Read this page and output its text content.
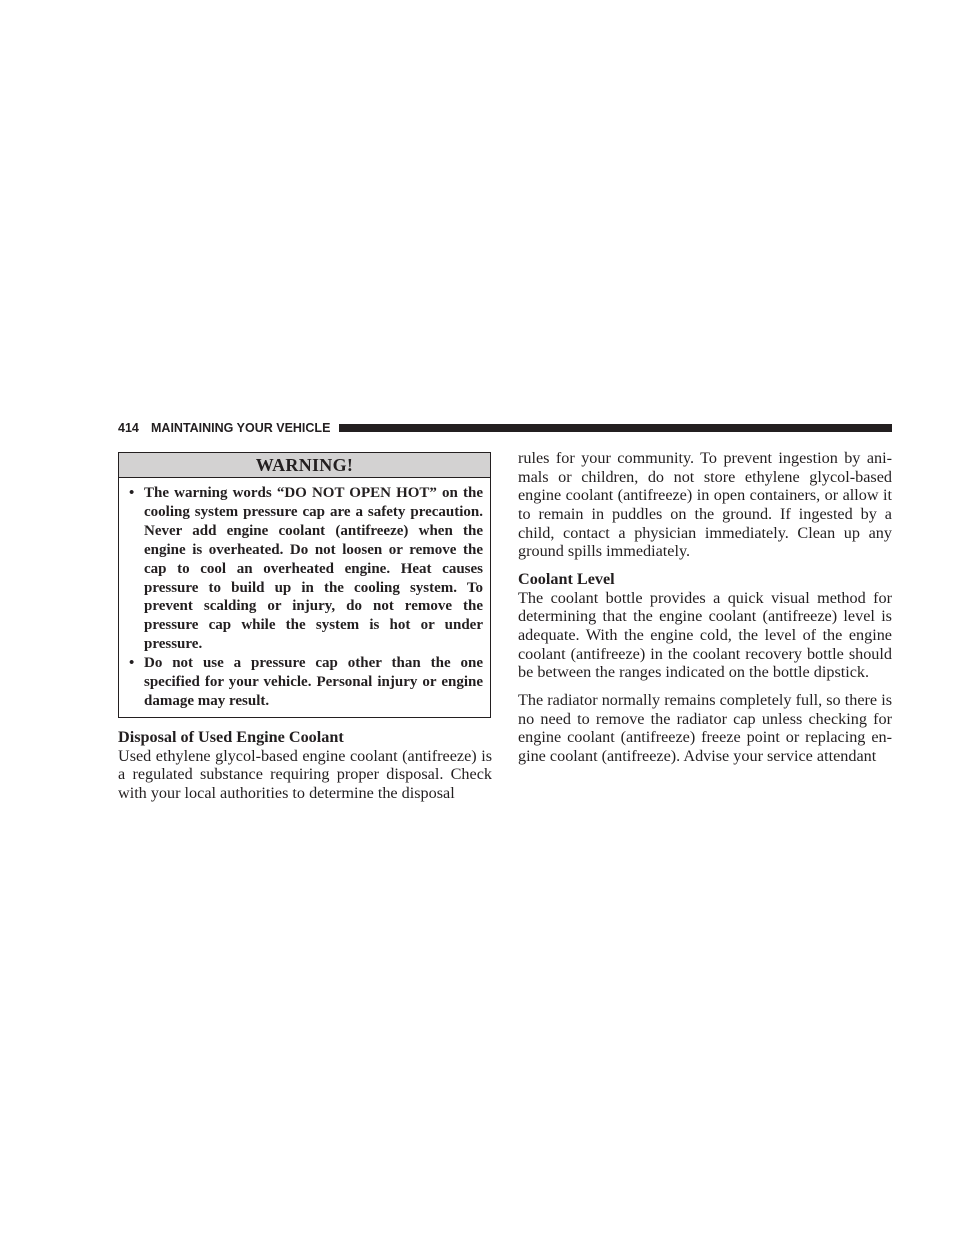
414 MAINTAINING YOUR VEHICLE
WARNING!
• The warning words “DO NOT OPEN HOT” on the cooling system pressure cap are a safety precaution. Never add engine coolant (antifreeze) when the engine is overheated. Do not loosen or remove the cap to cool an overheated engine. Heat causes pressure to build up in the cooling system. To prevent scalding or injury, do not remove the pressure cap while the system is hot or under pressure.
• Do not use a pressure cap other than the one specified for your vehicle. Personal injury or engine damage may result.

Disposal of Used Engine Coolant

Used ethylene glycol-based engine coolant (antifreeze) is a regulated substance requiring proper disposal. Check with your local authorities to determine the disposal

rules for your community. To prevent ingestion by animals or children, do not store ethylene glycol-based engine coolant (antifreeze) in open containers, or allow it to remain in puddles on the ground. If ingested by a child, contact a physician immediately. Clean up any ground spills immediately.

Coolant Level

The coolant bottle provides a quick visual method for determining that the engine coolant (antifreeze) level is adequate. With the engine cold, the level of the engine coolant (antifreeze) in the coolant recovery bottle should be between the ranges indicated on the bottle dipstick.

The radiator normally remains completely full, so there is no need to remove the radiator cap unless checking for engine coolant (antifreeze) freeze point or replacing engine coolant (antifreeze). Advise your service attendant
